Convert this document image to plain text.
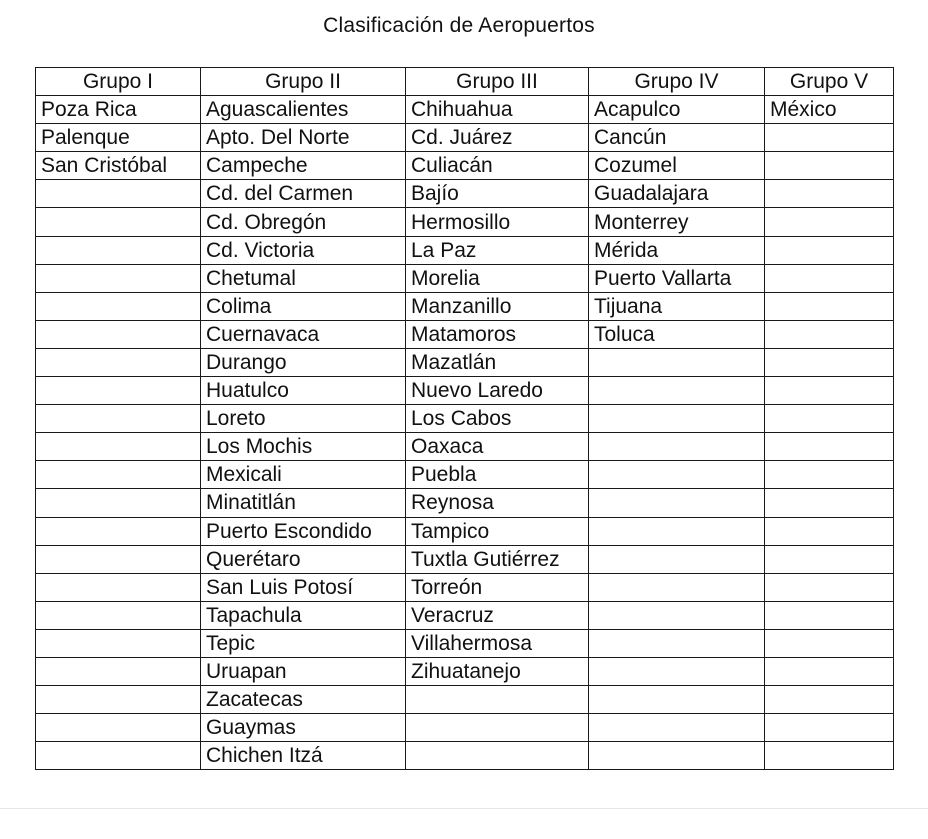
Clasificación de Aeropuertos
Grupo I	Grupo II	Grupo III	Grupo IV	Grupo V
Poza Rica	Aguascalientes	Chihuahua	Acapulco	México
Palenque	Apto. Del Norte	Cd. Juárez	Cancún	
San Cristóbal	Campeche	Culiacán	Cozumel	
	Cd. del Carmen	Bajío	Guadalajara	
	Cd. Obregón	Hermosillo	Monterrey	
	Cd. Victoria	La Paz	Mérida	
	Chetumal	Morelia	Puerto Vallarta	
	Colima	Manzanillo	Tijuana	
	Cuernavaca	Matamoros	Toluca	
	Durango	Mazatlán		
	Huatulco	Nuevo Laredo		
	Loreto	Los Cabos		
	Los Mochis	Oaxaca		
	Mexicali	Puebla		
	Minatitlán	Reynosa		
	Puerto Escondido	Tampico		
	Querétaro	Tuxtla Gutiérrez		
	San Luis Potosí	Torreón		
	Tapachula	Veracruz		
	Tepic	Villahermosa		
	Uruapan	Zihuatanejo		
	Zacatecas			
	Guaymas			
	Chichen Itzá			
